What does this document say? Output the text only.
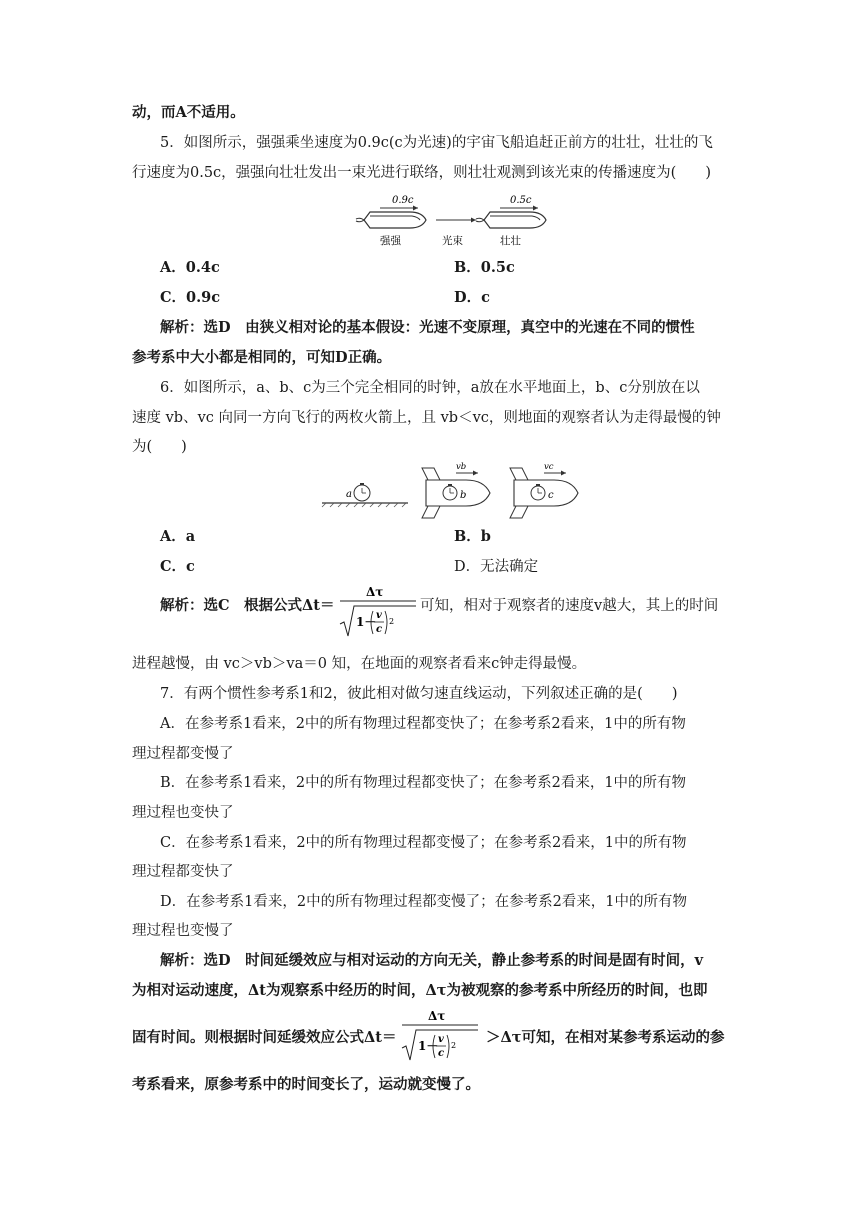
动，而A不适用。
5．如图所示，强强乘坐速度为0.9c(c为光速)的宇宙飞船追赶正前方的壮壮，壮壮的飞
行速度为0.5c，强强向壮壮发出一束光进行联络，则壮壮观测到该光束的传播速度为(　　)
0.9c	0.5c
强强	光束	壮壮
A．0.4c	B．0.5c
C．0.9c	D．c
解析：选D　由狭义相对论的基本假设：光速不变原理，真空中的光速在不同的惯性
参考系中大小都是相同的，可知D正确。
6．如图所示，a、b、c为三个完全相同的时钟，a放在水平地面上，b、c分别放在以
速度 vb、vc 向同一方向飞行的两枚火箭上，且 vb＜vc，则地面的观察者认为走得最慢的钟
为(　　)
a	b
vb
c
vc
A．a	B．b
C．c	D．无法确定
解析：选C　根据公式Δt＝
Δτ
1－ v
c
2
可知，相对于观察者的速度v越大，其上的时间
进程越慢，由 vc＞vb＞va＝0 知，在地面的观察者看来c钟走得最慢。
7．有两个惯性参考系1和2，彼此相对做匀速直线运动，下列叙述正确的是(　　)
A．在参考系1看来，2中的所有物理过程都变快了；在参考系2看来，1中的所有物
理过程都变慢了
B．在参考系1看来，2中的所有物理过程都变快了；在参考系2看来，1中的所有物
理过程也变快了
C．在参考系1看来，2中的所有物理过程都变慢了；在参考系2看来，1中的所有物
理过程都变快了
D．在参考系1看来，2中的所有物理过程都变慢了；在参考系2看来，1中的所有物
理过程也变慢了
解析：选D　时间延缓效应与相对运动的方向无关，静止参考系的时间是固有时间，v
为相对运动速度，Δt为观察系中经历的时间，Δτ为被观察的参考系中所经历的时间，也即
固有时间。则根据时间延缓效应公式Δt＝
Δτ
1－ v
c
2 ＞Δτ可知，在相对某参考系运动的参
考系看来，原参考系中的时间变长了，运动就变慢了。
